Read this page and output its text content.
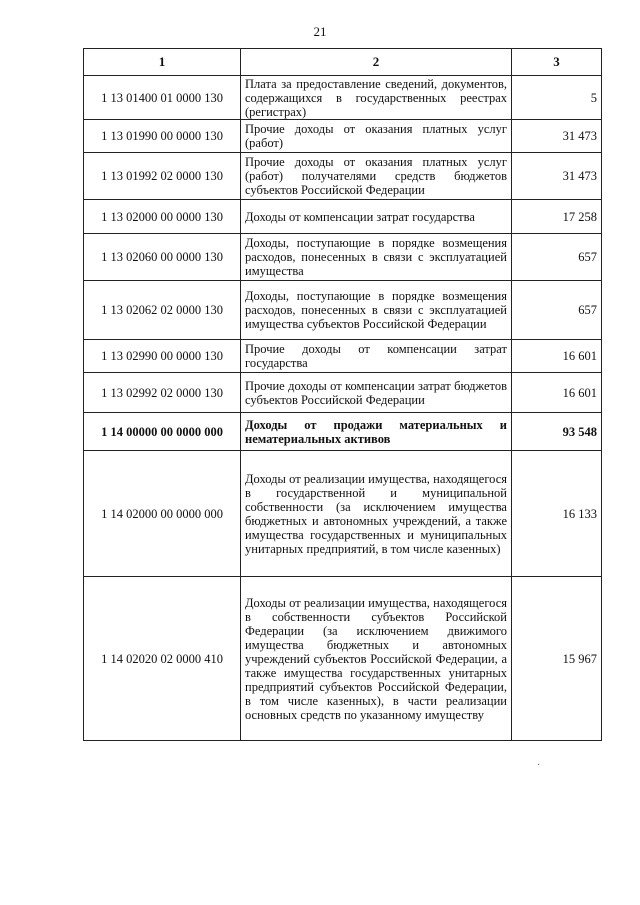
21
1	2	3
1 13 01400 01 0000 130	Плата за предоставление сведений, документов, содержащихся в государственных реестрах (регистрах)	5
1 13 01990 00 0000 130	Прочие доходы от оказания платных услуг (работ)	31 473
1 13 01992 02 0000 130	Прочие доходы от оказания платных услуг (работ) получателями средств бюджетов субъектов Российской Федерации	31 473
1 13 02000 00 0000 130	Доходы от компенсации затрат государства	17 258
1 13 02060 00 0000 130	Доходы, поступающие в порядке возмещения расходов, понесенных в связи с эксплуатацией имущества	657
1 13 02062 02 0000 130	Доходы, поступающие в порядке возмещения расходов, понесенных в связи с эксплуатацией имущества субъектов Российской Федерации	657
1 13 02990 00 0000 130	Прочие доходы от компенсации затрат государства	16 601
1 13 02992 02 0000 130	Прочие доходы от компенсации затрат бюджетов субъектов Российской Федерации	16 601
1 14 00000 00 0000 000	Доходы от продажи материальных и нематериальных активов	93 548
1 14 02000 00 0000 000	Доходы от реализации имущества, находящегося в государственной и муниципальной собственности (за исключением имущества бюджетных и автономных учреждений, а также имущества государственных и муниципальных унитарных предприятий, в том числе казенных)	16 133
1 14 02020 02 0000 410	Доходы от реализации имущества, находящегося в собственности субъектов Российской Федерации (за исключением движимого имущества бюджетных и автономных учреждений субъектов Российской Федерации, а также имущества государственных унитарных предприятий субъектов Российской Федерации, в том числе казенных), в части реализации основных средств по указанному имуществу	15 967
·
